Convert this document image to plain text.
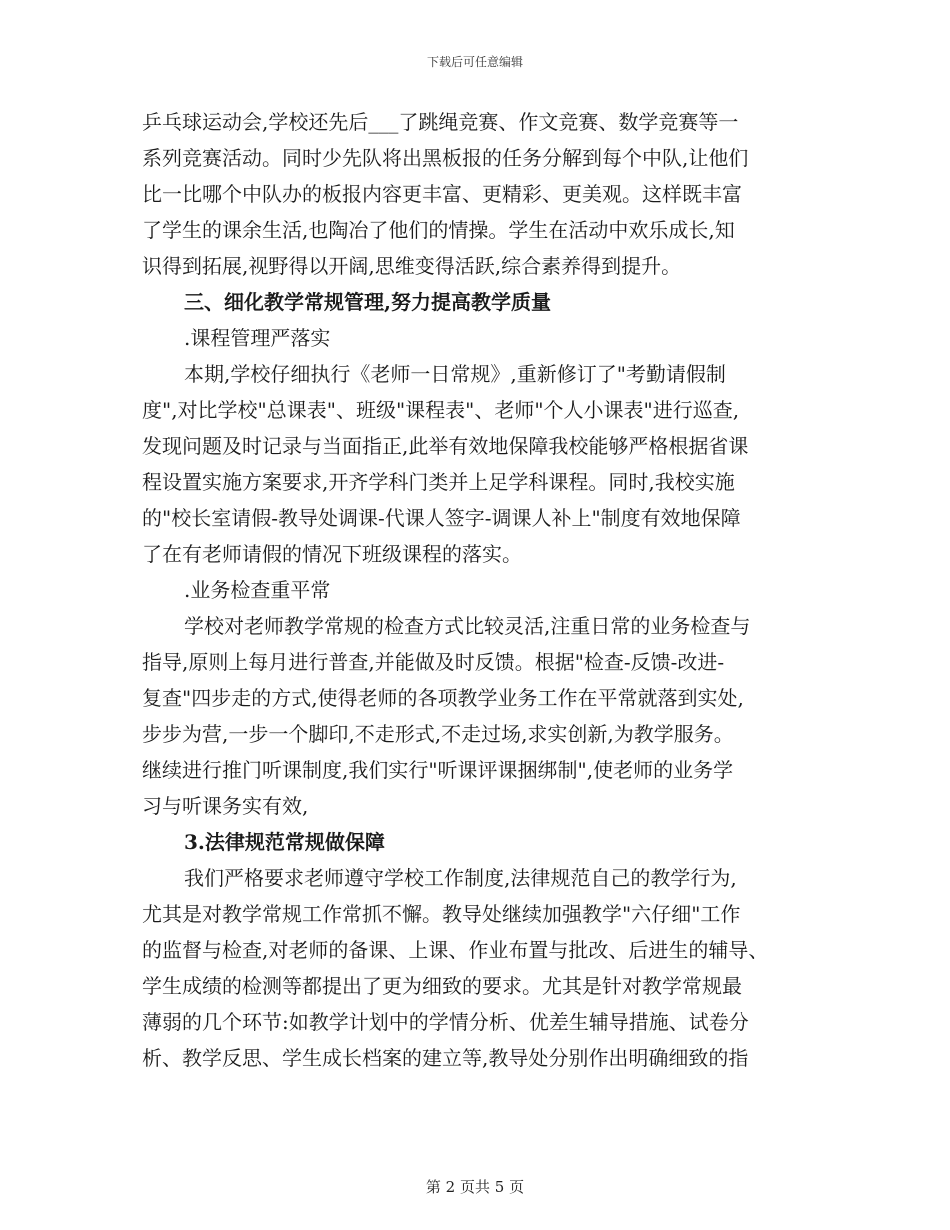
下载后可任意编辑
乒乓球运动会,学校还先后___了跳绳竞赛、作文竞赛、数学竞赛等一
系列竞赛活动。同时少先队将出黑板报的任务分解到每个中队,让他们
比一比哪个中队办的板报内容更丰富、更精彩、更美观。这样既丰富
了学生的课余生活,也陶冶了他们的情操。学生在活动中欢乐成长,知
识得到拓展,视野得以开阔,思维变得活跃,综合素养得到提升。
三、细化教学常规管理,努力提高教学质量
.课程管理严落实
本期,学校仔细执行《老师一日常规》,重新修订了"考勤请假制
度",对比学校"总课表"、班级"课程表"、老师"个人小课表"进行巡查,
发现问题及时记录与当面指正,此举有效地保障我校能够严格根据省课
程设置实施方案要求,开齐学科门类并上足学科课程。同时,我校实施
的"校长室请假-教导处调课-代课人签字-调课人补上"制度有效地保障
了在有老师请假的情况下班级课程的落实。
.业务检查重平常
学校对老师教学常规的检查方式比较灵活,注重日常的业务检查与
指导,原则上每月进行普查,并能做及时反馈。根据"检查-反馈-改进-
复查"四步走的方式,使得老师的各项教学业务工作在平常就落到实处,
步步为营,一步一个脚印,不走形式,不走过场,求实创新,为教学服务。
继续进行推门听课制度,我们实行"听课评课捆绑制",使老师的业务学
习与听课务实有效,
3.法律规范常规做保障
我们严格要求老师遵守学校工作制度,法律规范自己的教学行为,
尤其是对教学常规工作常抓不懈。教导处继续加强教学"六仔细"工作
的监督与检查,对老师的备课、上课、作业布置与批改、后进生的辅导、
学生成绩的检测等都提出了更为细致的要求。尤其是针对教学常规最
薄弱的几个环节:如教学计划中的学情分析、优差生辅导措施、试卷分
析、教学反思、学生成长档案的建立等,教导处分别作出明确细致的指
第 2 页共 5 页
